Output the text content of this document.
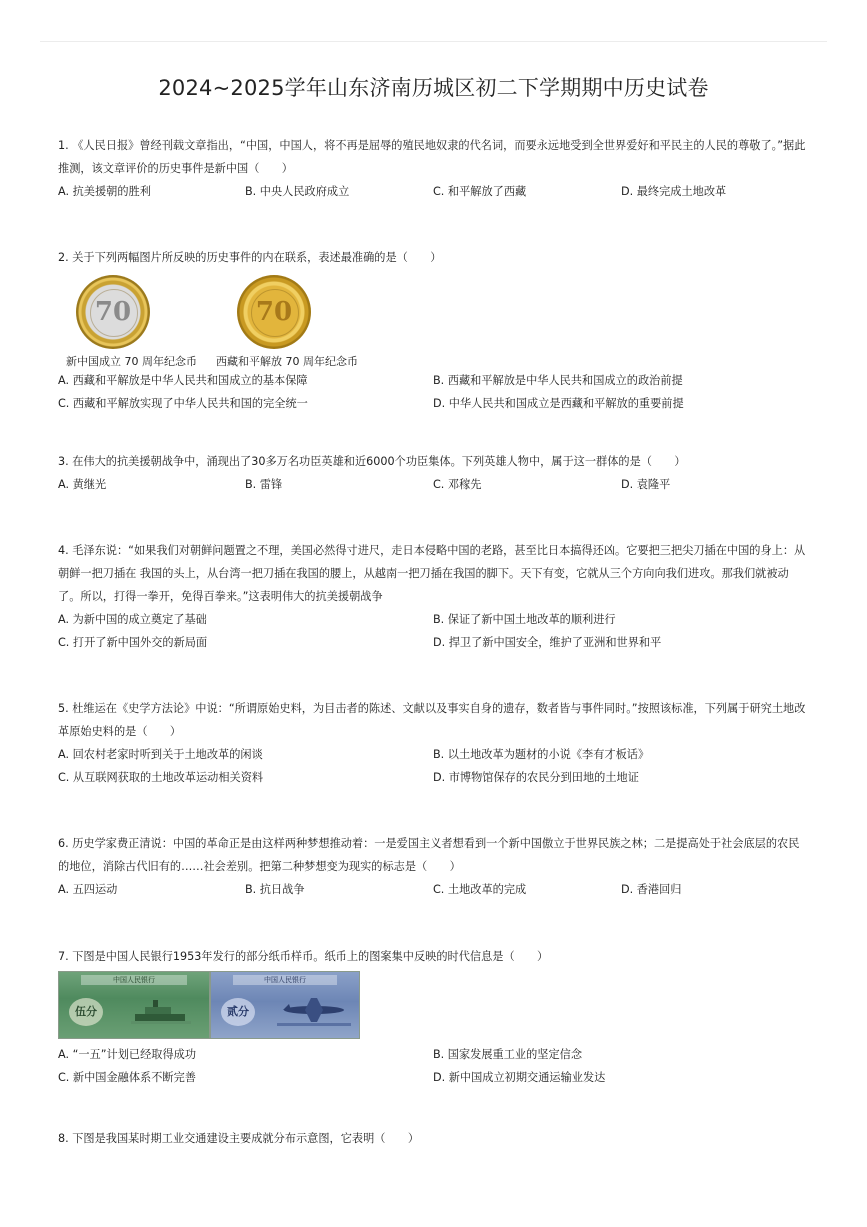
2024~2025学年山东济南历城区初二下学期期中历史试卷

1. 《人民日报》曾经刊载文章指出，“中国，中国人，将不再是屈辱的殖民地奴隶的代名词，而要永远地受到全世界爱好和平民主的人民的尊敬了。”据此推测，该文章评价的历史事件是新中国（　　）

A. 抗美援朝的胜利	B. 中央人民政府成立	C. 和平解放了西藏	D. 最终完成土地改革

2. 关于下列两幅图片所反映的历史事件的内在联系，表述最准确的是（　　）

70	70
新中国成立 70 周年纪念币 西藏和平解放 70 周年纪念币
A. 西藏和平解放是中华人民共和国成立的基本保障	B. 西藏和平解放是中华人民共和国成立的政治前提
C. 西藏和平解放实现了中华人民共和国的完全统一	D. 中华人民共和国成立是西藏和平解放的重要前提

3. 在伟大的抗美援朝战争中，涌现出了30多万名功臣英雄和近6000个功臣集体。下列英雄人物中，属于这一群体的是（　　）

A. 黄继光	B. 雷锋	C. 邓稼先	D. 袁隆平

4. 毛泽东说：“如果我们对朝鲜问题置之不理，美国必然得寸进尺，走日本侵略中国的老路，甚至比日本搞得还凶。它要把三把尖刀插在中国的身上：从朝鲜一把刀插在 我国的头上，从台湾一把刀插在我国的腰上，从越南一把刀插在我国的脚下。天下有变，它就从三个方向向我们进攻。那我们就被动了。所以，打得一拳开，免得百拳来。”这表明伟大的抗美援朝战争

A. 为新中国的成立奠定了基础	B. 保证了新中国土地改革的顺利进行
C. 打开了新中国外交的新局面	D. 捍卫了新中国安全，维护了亚洲和世界和平

5. 杜维运在《史学方法论》中说：“所谓原始史料，为目击者的陈述、文献以及事实自身的遗存，数者皆与事件同时。”按照该标准，下列属于研究土地改革原始史料的是（　　）

A. 回农村老家时听到关于土地改革的闲谈	B. 以土地改革为题材的小说《李有才板话》
C. 从互联网获取的土地改革运动相关资料	D. 市博物馆保存的农民分到田地的土地证

6. 历史学家费正清说：中国的革命正是由这样两种梦想推动着：一是爱国主义者想看到一个新中国傲立于世界民族之林；二是提高处于社会底层的农民的地位，消除古代旧有的……社会差别。把第二种梦想变为现实的标志是（　　）

A. 五四运动	B. 抗日战争	C. 土地改革的完成	D. 香港回归

7. 下图是中国人民银行1953年发行的部分纸币样币。纸币上的图案集中反映的时代信息是（　　）

中国人民银行
伍分
中国人民银行
贰分
A. “一五”计划已经取得成功	B. 国家发展重工业的坚定信念
C. 新中国金融体系不断完善	D. 新中国成立初期交通运输业发达

8. 下图是我国某时期工业交通建设主要成就分布示意图，它表明（　　）
